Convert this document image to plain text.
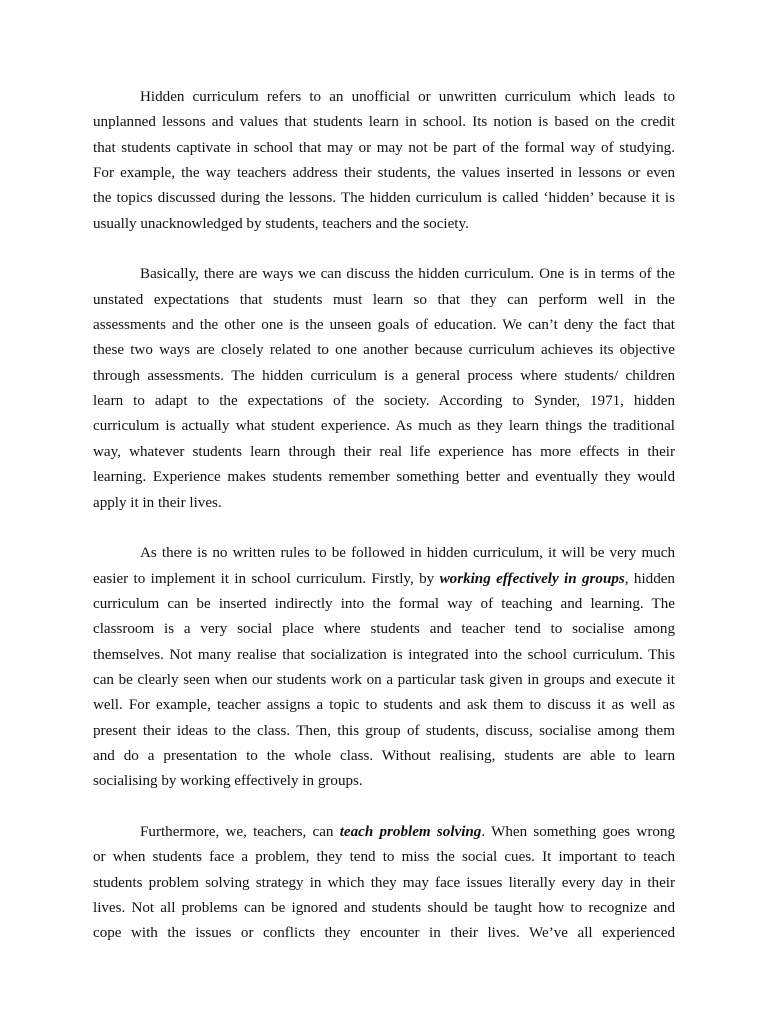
Hidden curriculum refers to an unofficial or unwritten curriculum which leads to
unplanned lessons and values that students learn in school. Its notion is based on the credit
that students captivate in school that may or may not be part of the formal way of studying.
For example, the way teachers address their students, the values inserted in lessons or even
the topics discussed during the lessons. The hidden curriculum is called ‘hidden’ because it is
usually unacknowledged by students, teachers and the society.

Basically, there are ways we can discuss the hidden curriculum. One is in terms of the
unstated expectations that students must learn so that they can perform well in the
assessments and the other one is the unseen goals of education. We can’t deny the fact that
these two ways are closely related to one another because curriculum achieves its objective
through assessments. The hidden curriculum is a general process where students/ children
learn to adapt to the expectations of the society. According to Synder, 1971, hidden
curriculum is actually what student experience. As much as they learn things the traditional
way, whatever students learn through their real life experience has more effects in their
learning. Experience makes students remember something better and eventually they would
apply it in their lives.

As there is no written rules to be followed in hidden curriculum, it will be very much
easier to implement it in school curriculum. Firstly, by working effectively in groups, hidden
curriculum can be inserted indirectly into the formal way of teaching and learning. The
classroom is a very social place where students and teacher tend to socialise among
themselves. Not many realise that socialization is integrated into the school curriculum. This
can be clearly seen when our students work on a particular task given in groups and execute it
well. For example, teacher assigns a topic to students and ask them to discuss it as well as
present their ideas to the class. Then, this group of students, discuss, socialise among them
and do a presentation to the whole class. Without realising, students are able to learn
socialising by working effectively in groups.

Furthermore, we, teachers, can teach problem solving. When something goes wrong
or when students face a problem, they tend to miss the social cues. It important to teach
students problem solving strategy in which they may face issues literally every day in their
lives. Not all problems can be ignored and students should be taught how to recognize and
cope with the issues or conflicts they encounter in their lives. We’ve all experienced
